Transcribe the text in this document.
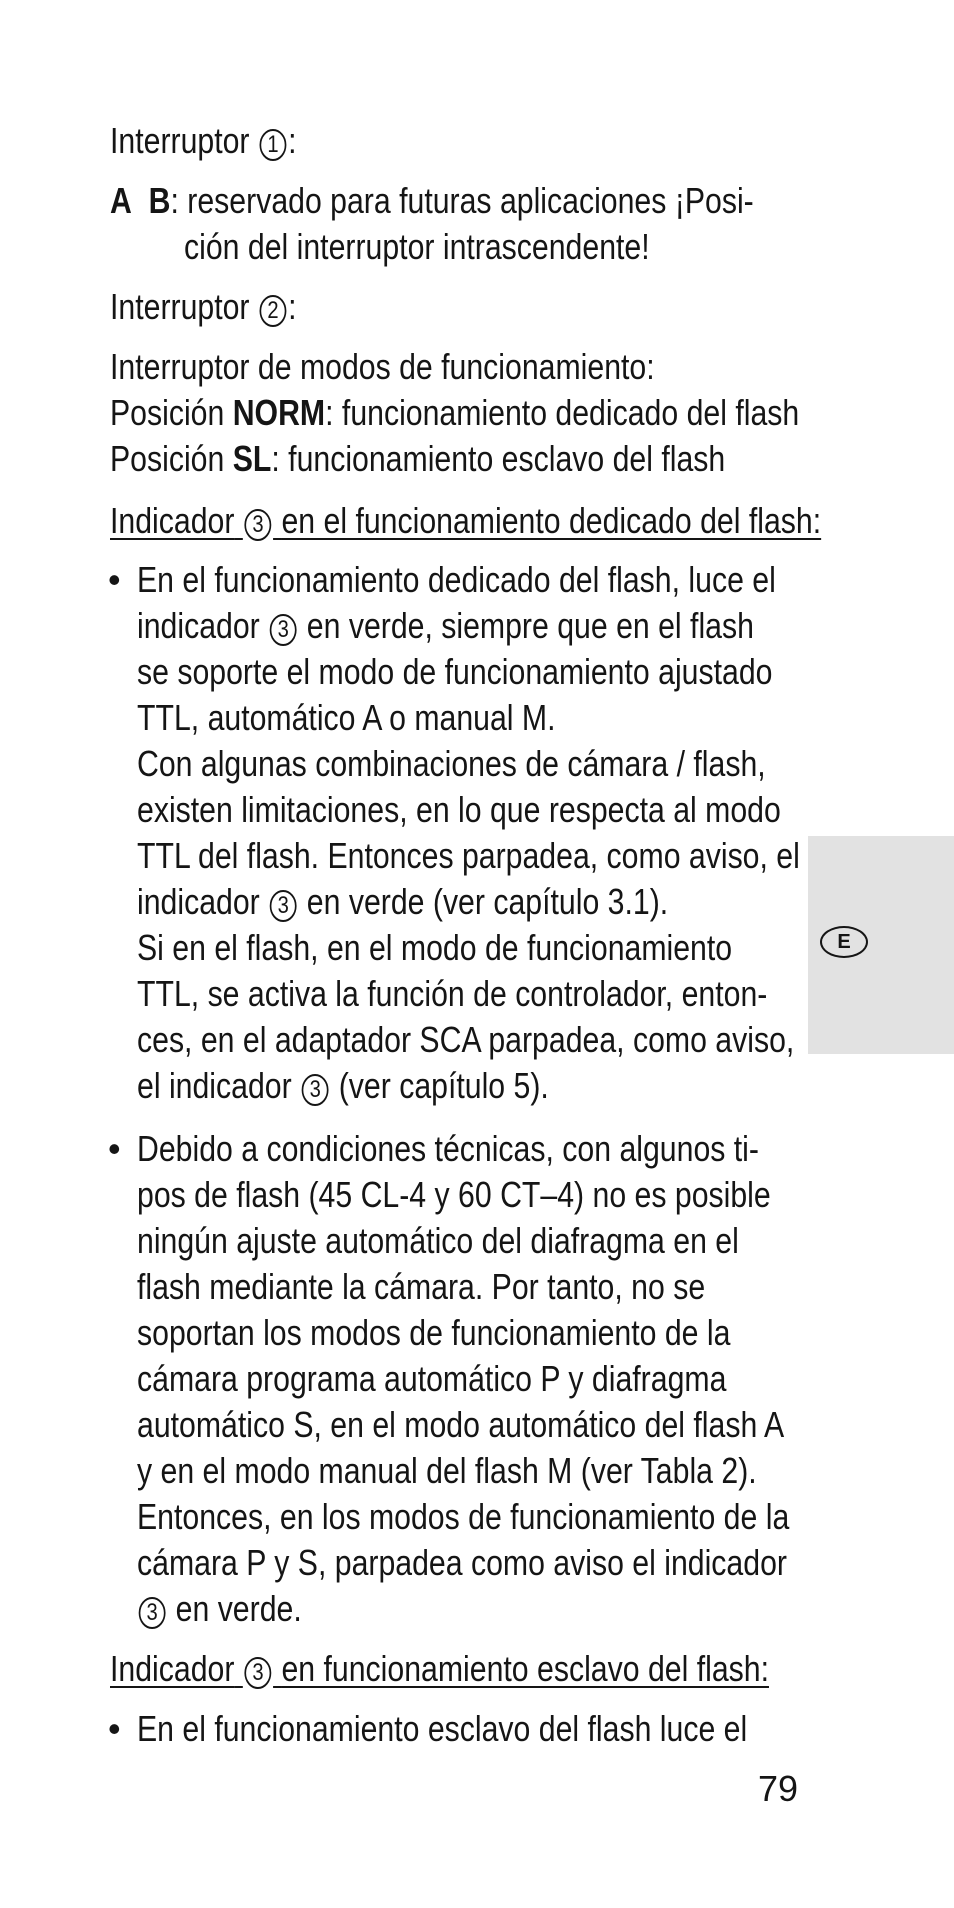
E
Interruptor 1 :
A B: reservado para futuras aplicaciones ¡Posi-
ción del interruptor intrascendente!
Interruptor 2 :
Interruptor de modos de funcionamiento:
Posición NORM: funcionamiento dedicado del flash
Posición SL: funcionamiento esclavo del flash
Indicador 3 en el funcionamiento dedicado del flash:
• En el funcionamiento dedicado del flash, luce el
indicador 3 en verde, siempre que en el flash
se soporte el modo de funcionamiento ajustado
TTL, automático A o manual M.
Con algunas combinaciones de cámara / flash,
existen limitaciones, en lo que respecta al modo
TTL del flash. Entonces parpadea, como aviso, el
indicador 3 en verde (ver capítulo 3.1).
Si en el flash, en el modo de funcionamiento
TTL, se activa la función de controlador, enton-
ces, en el adaptador SCA parpadea, como aviso,
el indicador 3 (ver capítulo 5).
• Debido a condiciones técnicas, con algunos ti-
pos de flash (45 CL-4 y 60 CT–4) no es posible
ningún ajuste automático del diafragma en el
flash mediante la cámara. Por tanto, no se
soportan los modos de funcionamiento de la
cámara programa automático P y diafragma
automático S, en el modo automático del flash A
y en el modo manual del flash M (ver Tabla 2).
Entonces, en los modos de funcionamiento de la
cámara P y S, parpadea como aviso el indicador
3 en verde.
Indicador 3 en funcionamiento esclavo del flash:
• En el funcionamiento esclavo del flash luce el
79
